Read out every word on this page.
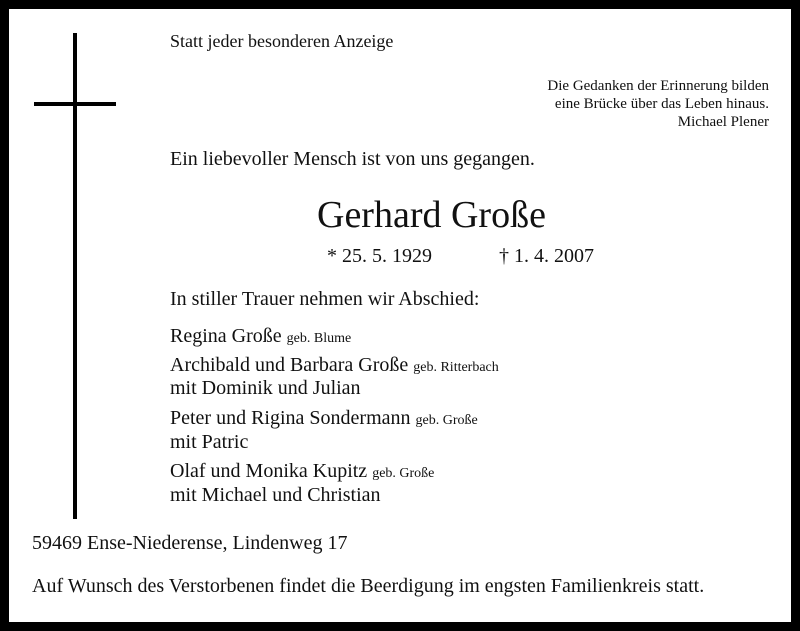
Statt jeder besonderen Anzeige
Die Gedanken der Erinnerung bilden
eine Brücke über das Leben hinaus.
Michael Plener
Ein liebevoller Mensch ist von uns gegangen.
Gerhard Große
* 25. 5. 1929	† 1. 4. 2007
In stiller Trauer nehmen wir Abschied:
Regina Große geb. Blume
Archibald und Barbara Große geb. Ritterbach
mit Dominik und Julian
Peter und Rigina Sondermann geb. Große
mit Patric
Olaf und Monika Kupitz geb. Große
mit Michael und Christian
59469 Ense-Niederense, Lindenweg 17
Auf Wunsch des Verstorbenen findet die Beerdigung im engsten Familienkreis statt.
